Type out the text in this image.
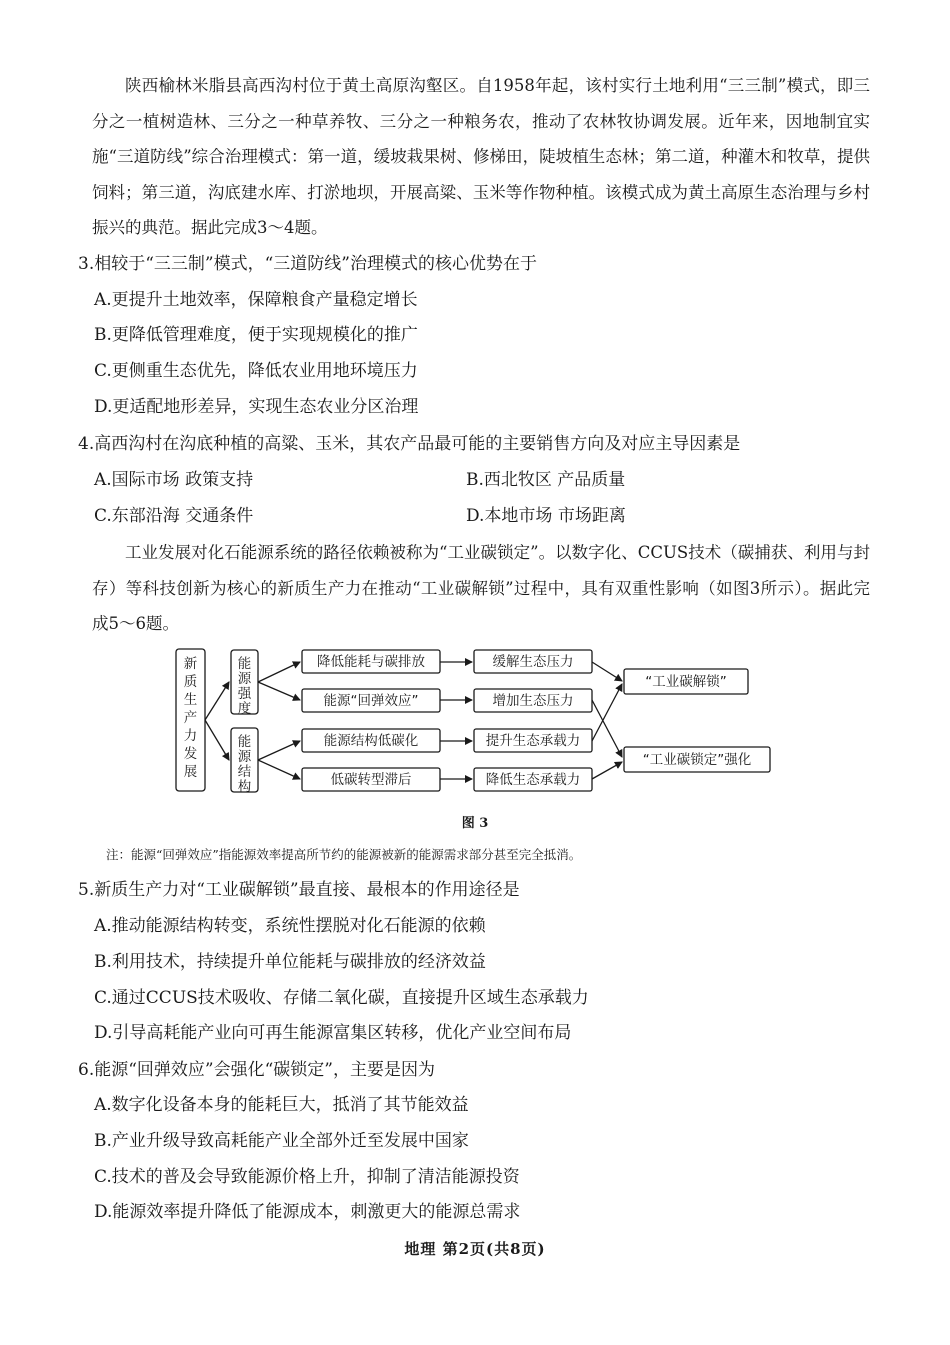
陕西榆林米脂县高西沟村位于黄土高原沟壑区。自1958年起，该村实行土地利用“三三制”模式，即三分之一植树造林、三分之一种草养牧、三分之一种粮务农，推动了农林牧协调发展。近年来，因地制宜实施“三道防线”综合治理模式：第一道，缓坡栽果树、修梯田，陡坡植生态林；第二道，种灌木和牧草，提供饲料；第三道，沟底建水库、打淤地坝，开展高粱、玉米等作物种植。该模式成为黄土高原生态治理与乡村振兴的典范。据此完成3～4题。

3.相较于“三三制”模式，“三道防线”治理模式的核心优势在于

A.更提升土地效率，保障粮食产量稳定增长

B.更降低管理难度，便于实现规模化的推广

C.更侧重生态优先，降低农业用地环境压力

D.更适配地形差异，实现生态农业分区治理

4.高西沟村在沟底种植的高粱、玉米，其农产品最可能的主要销售方向及对应主导因素是

A.国际市场 政策支持	B.西北牧区 产品质量

C.东部沿海 交通条件	D.本地市场 市场距离

工业发展对化石能源系统的路径依赖被称为“工业碳锁定”。以数字化、CCUS技术（碳捕获、利用与封存）等科技创新为核心的新质生产力在推动“工业碳解锁”过程中，具有双重性影响（如图3所示）。据此完成5～6题。

新质生产力发展
能源强度
能源结构
降低能耗与碳排放
能源“回弹效应”
能源结构低碳化
低碳转型滞后
缓解生态压力
增加生态压力
提升生态承载力
降低生态承载力
“工业碳解锁”
“工业碳锁定”强化

图 3

注：能源“回弹效应”指能源效率提高所节约的能源被新的能源需求部分甚至完全抵消。

5.新质生产力对“工业碳解锁”最直接、最根本的作用途径是

A.推动能源结构转变，系统性摆脱对化石能源的依赖

B.利用技术，持续提升单位能耗与碳排放的经济效益

C.通过CCUS技术吸收、存储二氧化碳，直接提升区域生态承载力

D.引导高耗能产业向可再生能源富集区转移，优化产业空间布局

6.能源“回弹效应”会强化“碳锁定”，主要是因为

A.数字化设备本身的能耗巨大，抵消了其节能效益

B.产业升级导致高耗能产业全部外迁至发展中国家

C.技术的普及会导致能源价格上升，抑制了清洁能源投资

D.能源效率提升降低了能源成本，刺激更大的能源总需求

地理 第2页(共8页)
